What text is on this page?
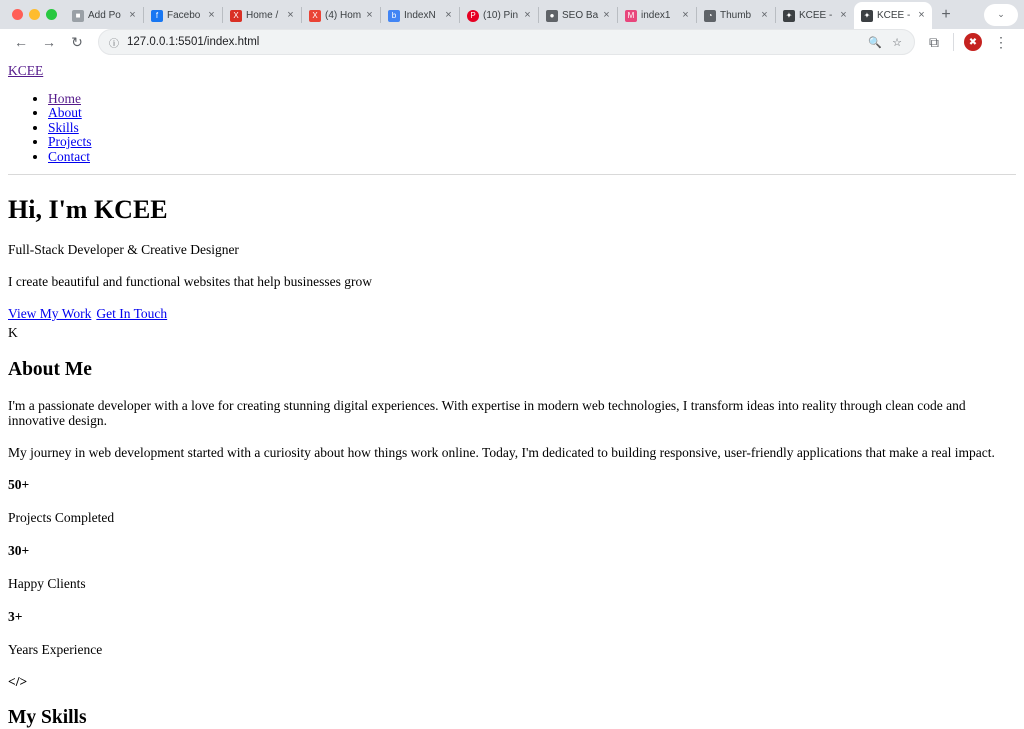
■ Add Po ×	f Facebo ×	X Home / ×	X (4) Hom ×	b IndexN ×	P (10) Pin ×	● SEO Ba ×	M index1	×	◔ Thumb ×	✦ KCEE - ×	✦ KCEE - ×	+	⌄
←	→	↻	ⓘ 127.0.0.1:5501/index.html	🔍 ☆	⧉	✖	⋮
KCEE
• Home
• About
• Skills
• Projects
• Contact
Hi, I'm KCEE

Full-Stack Developer & Creative Designer

I create beautiful and functional websites that help businesses grow

View My Work Get In Touch
K
About Me

I'm a passionate developer with a love for creating stunning digital experiences. With expertise in modern web technologies, I transform ideas into reality through clean code and innovative design.

My journey in web development started with a curiosity about how things work online. Today, I'm dedicated to building responsive, user-friendly applications that make a real impact.

50+
Projects Completed
30+
Happy Clients
3+
Years Experience
</>
My Skills
